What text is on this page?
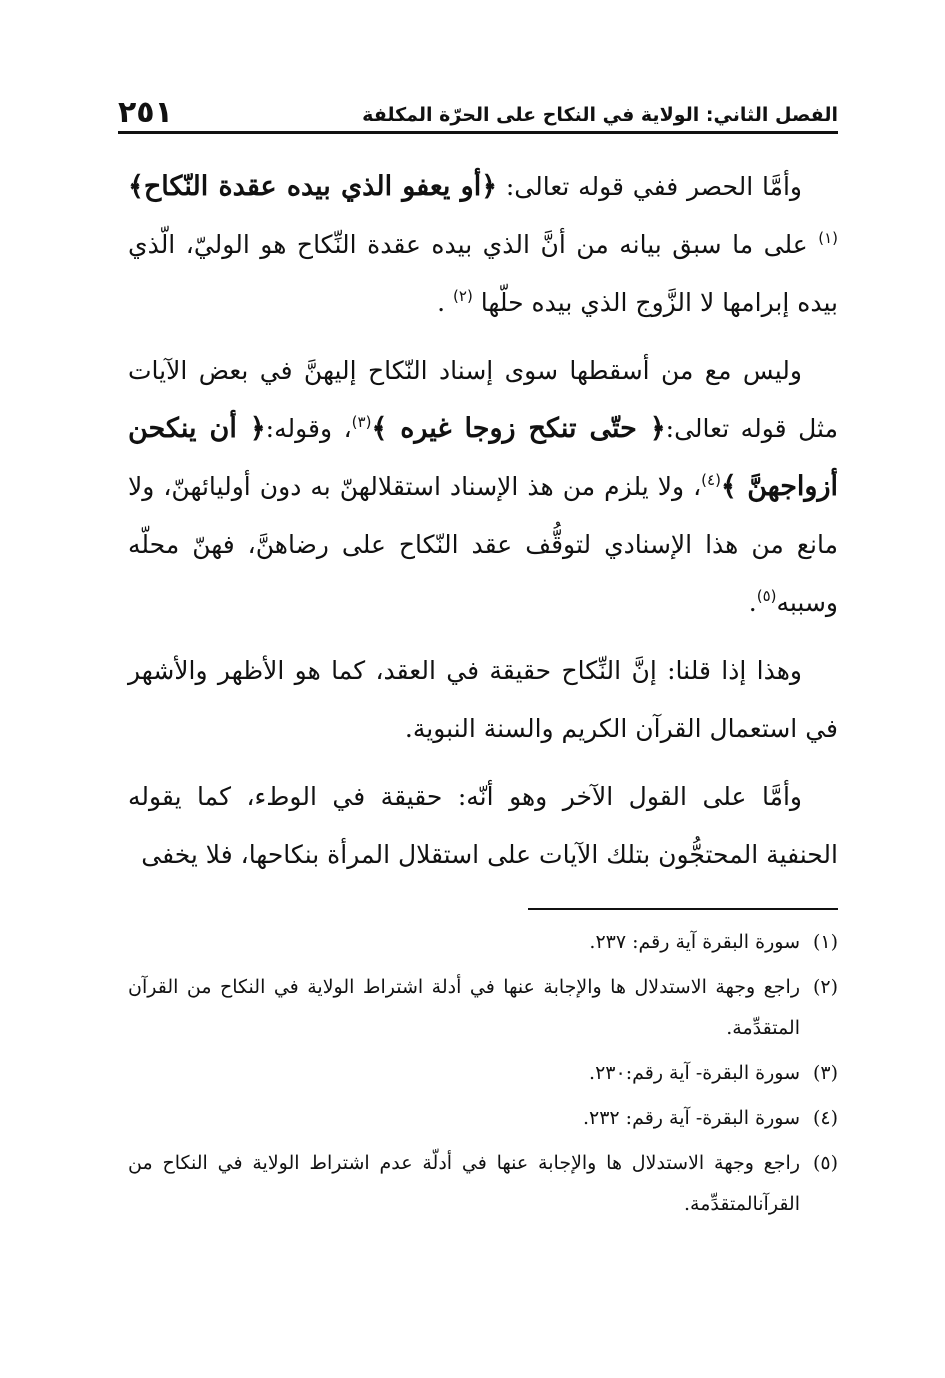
الفصل الثاني: الولاية في النكاح على الحرّة المكلفة
٢٥١

وأمَّا الحصر ففي قوله تعالى: ﴿أو يعفو الذي بيده عقدة النّكاح﴾$^{(١)}$ على ما سبق بيانه من أنَّ الذي بيده عقدة النِّكاح هو الوليّ، الّذي بيده إبرامها لا الزَّوج الذي بيده حلّها $^{(٢)}$ .

وليس مع من أسقطها سوى إسناد النّكاح إليهنَّ في بعض الآيات مثل قوله تعالى:﴿ حتّى تنكح زوجا غيره ﴾$^{(٣)}$، وقوله:﴿ أن ينكحن أزواجهنَّ ﴾$^{(٤)}$، ولا يلزم من هذ الإسناد استقلالهنّ به دون أوليائهنّ، ولا مانع من هذا الإسنادي لتوقُّف عقد النّكاح على رضاهنَّ، فهنّ محلّه وسببه$^{(٥)}$.

وهذا إذا قلنا: إنَّ النِّكاح حقيقة في العقد، كما هو الأظهر والأشهر في استعمال القرآن الكريم والسنة النبوية.

وأمَّا على القول الآخر وهو أنّه: حقيقة في الوطء، كما يقوله الحنفية المحتجُّون بتلك الآيات على استقلال المرأة بنكاحها، فلا يخفى

(١)سورة البقرة آية رقم: ٢٣٧.
(٢)راجع وجهة الاستدلال ها والإجابة عنها في أدلة اشتراط الولاية في النكاح من القرآن المتقدِّمة.
(٣)سورة البقرة- آية رقم:٢٣٠.
(٤)سورة البقرة- آية رقم: ٢٣٢.
(٥)راجع وجهة الاستدلال ها والإجابة عنها في أدلّة عدم اشتراط الولاية في النكاح من القرآنالمتقدِّمة.
